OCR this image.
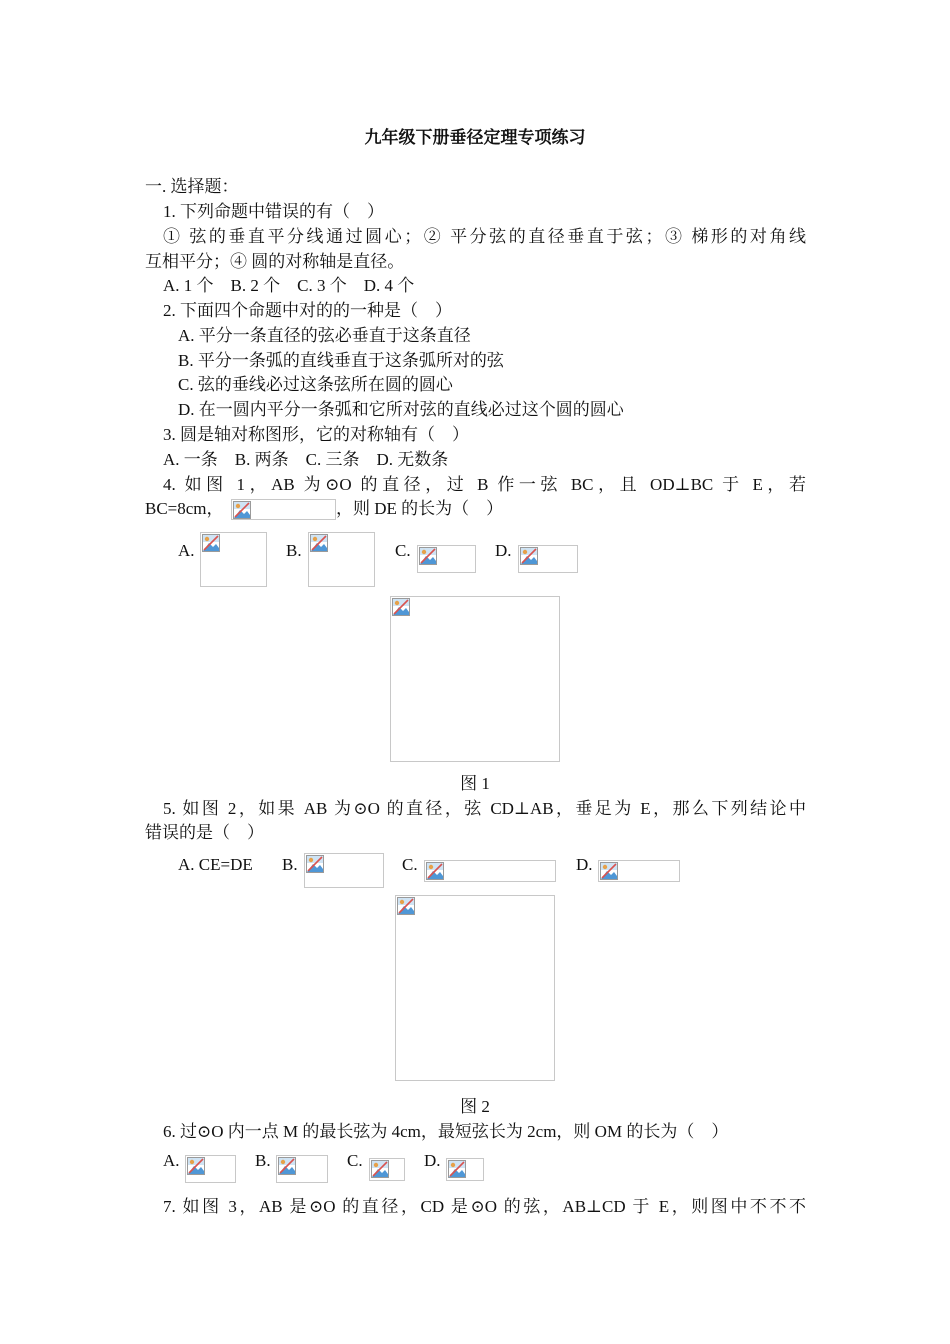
九年级下册垂径定理专项练习
一. 选择题：
1. 下列命题中错误的有（　）
① 弦的垂直平分线通过圆心；② 平分弦的直径垂直于弦；③ 梯形的对角线
互相平分；④ 圆的对称轴是直径。
A. 1 个　B. 2 个　C. 3 个　D. 4 个
2. 下面四个命题中对的的一种是（　）
A. 平分一条直径的弦必垂直于这条直径
B. 平分一条弧的直线垂直于这条弧所对的弦
C. 弦的垂线必过这条弦所在圆的圆心
D. 在一圆内平分一条弧和它所对弦的直线必过这个圆的圆心
3. 圆是轴对称图形，它的对称轴有（　）
A. 一条　B. 两条　C. 三条　D. 无数条
4. 如图 1，AB 为⊙O 的直径，过 B 作一弦 BC，且 OD⊥BC 于 E，若
BC=8cm，	，则 DE 的长为（　）
A.	B.	C.	D.
图 1
5. 如图 2，如果 AB 为⊙O 的直径，弦 CD⊥AB，垂足为 E，那么下列结论中
错误的是（　）
A. CE=DE B.	C.	D.
图 2
6. 过⊙O 内一点 M 的最长弦为 4cm，最短弦长为 2cm，则 OM 的长为（　）
A.	B.	C.	D.
7. 如图 3，AB 是⊙O 的直径，CD 是⊙O 的弦，AB⊥CD 于 E，则图中不不不
